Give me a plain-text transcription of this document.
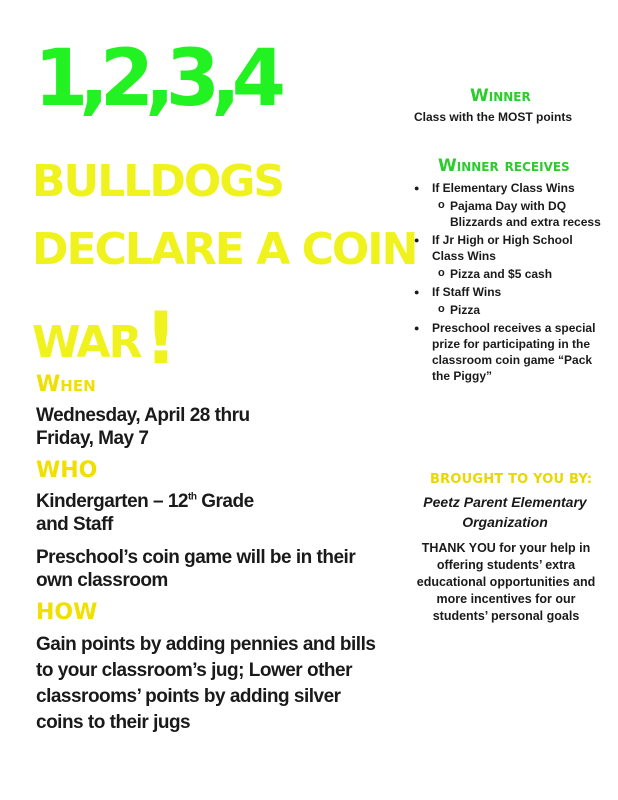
1,2,3,4
BULLDOGS
DECLARE A COIN
WAR!
When
Wednesday, April 28 thru
Friday, May 7
WHO
Kindergarten – 12th Grade
and Staff
Preschool’s coin game will be in their own classroom
HOW
Gain points by adding pennies and bills to your classroom’s jug; Lower other classrooms’ points by adding silver coins to their jugs
Winner
Class with the MOST points
Winner receives
● If Elementary Class Wins
o Pajama Day with DQ Blizzards and extra recess
● If Jr High or High School Class Wins
o Pizza and $5 cash
● If Staff Wins
o Pizza
● Preschool receives a special prize for participating in the classroom coin game “Pack the Piggy”
BROUGHT TO YOU BY:
Peetz Parent Elementary Organization
THANK YOU for your help in offering students’ extra educational opportunities and more incentives for our students’ personal goals
